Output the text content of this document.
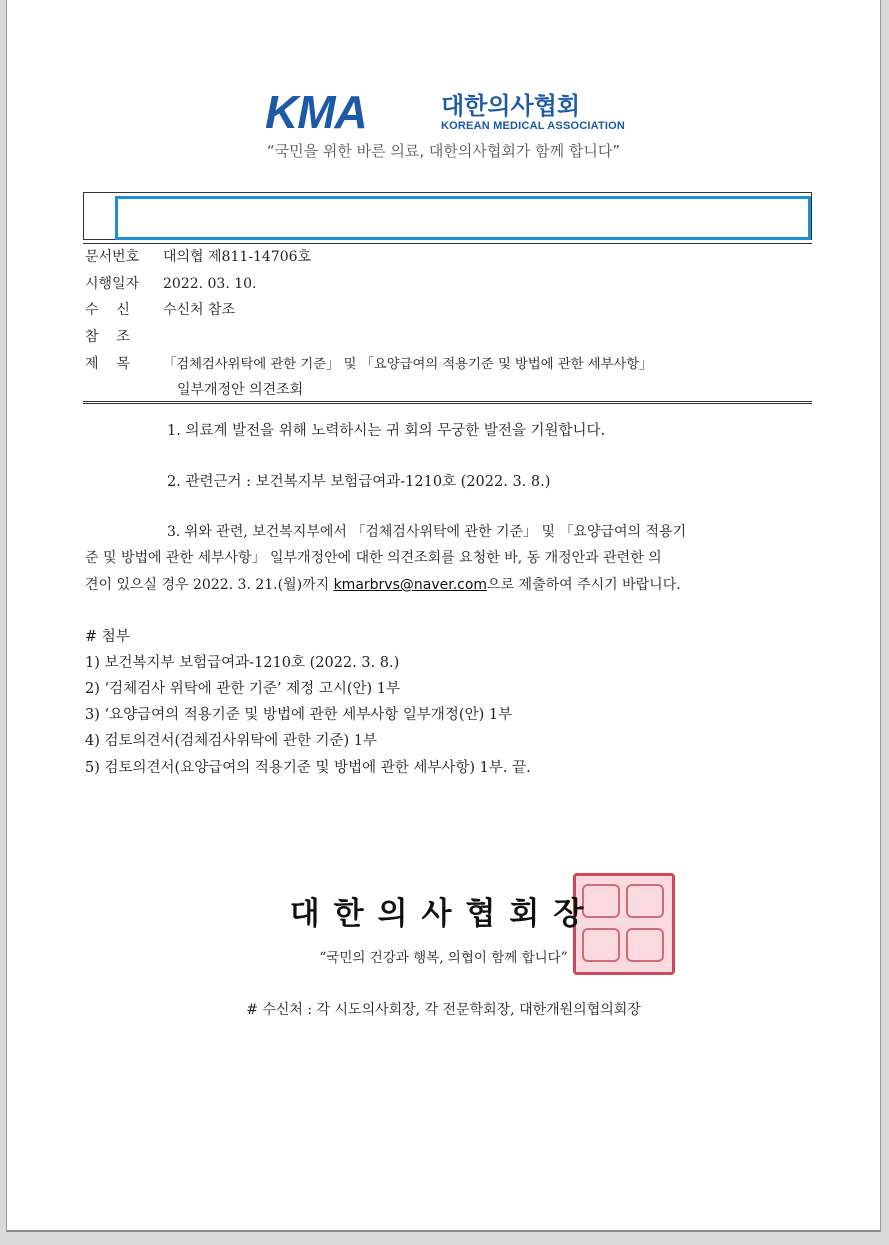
KMA	대한의사협회
KOREAN MEDICAL ASSOCIATION
“국민을 위한 바른 의료, 대한의사협회가 함께 합니다”
문서번호 대의협 제811-14706호
시행일자 2022. 03. 10.
수    신 수신처 참조
참    조
제    목 「검체검사위탁에 관한 기준」 및 「요양급여의 적용기준 및 방법에 관한 세부사항」
일부개정안 의견조회
1. 의료계 발전을 위해 노력하시는 귀 회의 무궁한 발전을 기원합니다.
2. 관련근거 : 보건복지부 보험급여과-1210호 (2022. 3. 8.)
3. 위와 관련, 보건복지부에서 「검체검사위탁에 관한 기준」 및 「요양급여의 적용기
준 및 방법에 관한 세부사항」 일부개정안에 대한 의견조회를 요청한 바, 동 개정안과 관련한 의
견이 있으실 경우 2022. 3. 21.(월)까지 kmarbrvs@naver.com으로 제출하여 주시기 바랍니다.
# 첨부
1) 보건복지부 보험급여과-1210호 (2022. 3. 8.)
2) ‘검체검사 위탁에 관한 기준’ 제정 고시(안) 1부
3) ‘요양급여의 적용기준 및 방법에 관한 세부사항 일부개정(안) 1부
4) 검토의견서(검체검사위탁에 관한 기준) 1부
5) 검토의견서(요양급여의 적용기준 및 방법에 관한 세부사항) 1부. 끝.
대한의사협회장
“국민의 건강과 행복, 의협이 함께 합니다”
# 수신처 : 각 시도의사회장, 각 전문학회장, 대한개원의협의회장
